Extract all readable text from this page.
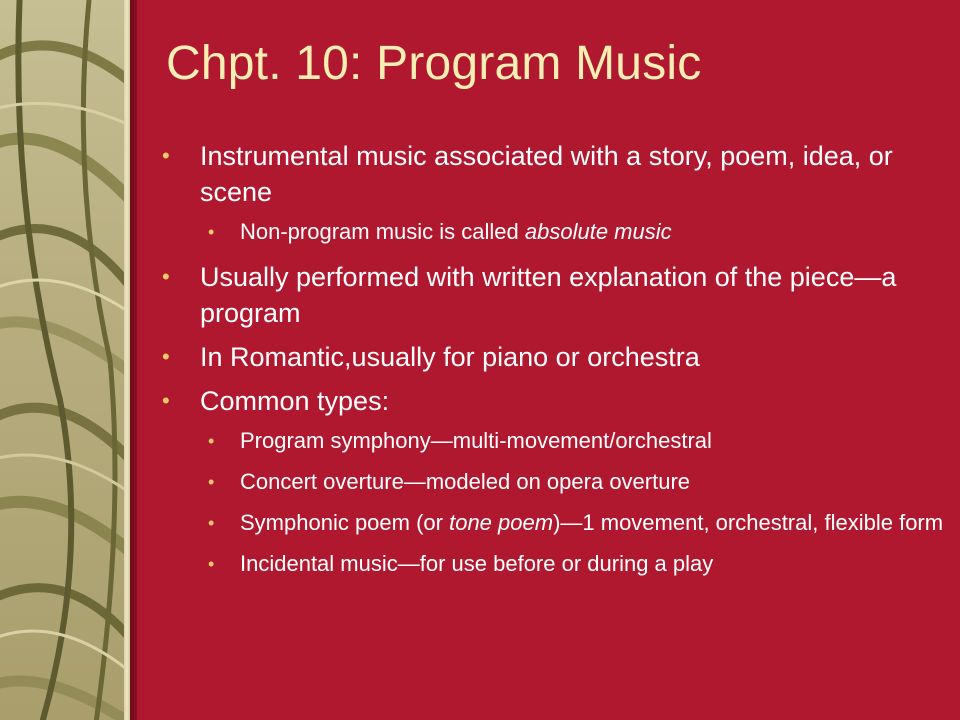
Chpt. 10: Program Music
• Instrumental music associated with a story, poem, idea, or scene
• Non-program music is called absolute music
• Usually performed with written explanation of the piece—a program
• In Romantic,usually for piano or orchestra
• Common types:
• Program symphony—multi-movement/orchestral
• Concert overture—modeled on opera overture
• Symphonic poem (or tone poem)—1 movement, orchestral, flexible form
• Incidental music—for use before or during a play
